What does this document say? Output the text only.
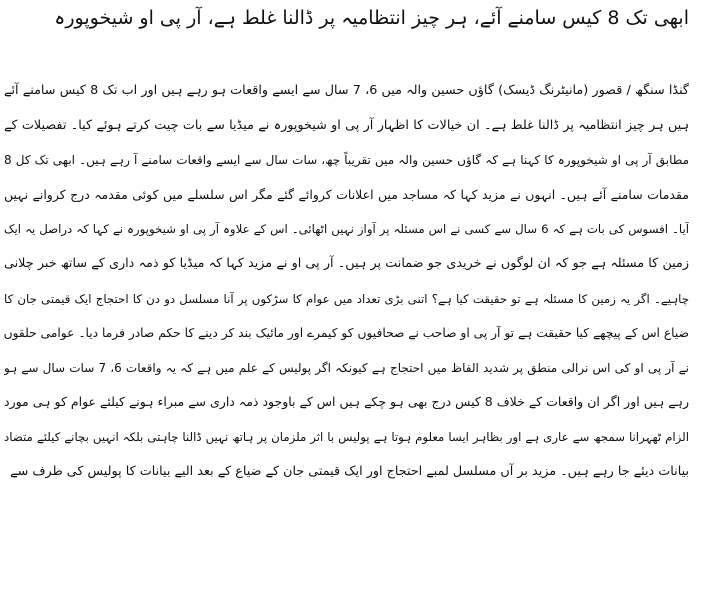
ابھی تک 8 کیس سامنے آئے، ہر چیز انتظامیہ پر ڈالنا غلط ہے، آر پی او شیخوپورہ
گنڈا سنگھ / قصور (مانیٹرنگ ڈیسک) گاؤں حسین والہ میں 6، 7 سال سے ایسے واقعات ہو رہے ہیں اور اب تک 8 کیس سامنے آئے
ہیں ہر چیز انتظامیہ پر ڈالنا غلط ہے۔ ان خیالات کا اظہار آر پی او شیخوپورہ نے میڈیا سے بات چیت کرتے ہوئے کیا۔ تفصیلات کے
مطابق آر پی او شیخوپورہ کا کہنا ہے کہ گاؤں حسین والہ میں تقریباً چھ، سات سال سے ایسے واقعات سامنے آ رہے ہیں۔ ابھی تک کل 8
مقدمات سامنے آئے ہیں۔ انہوں نے مزید کہا کہ مساجد میں اعلانات کروائے گئے مگر اس سلسلے میں کوئی مقدمہ درج کروانے نہیں
آیا۔ افسوس کی بات ہے کہ 6 سال سے کسی نے اس مسئلہ پر آواز نہیں اٹھائی۔ اس کے علاوہ آر پی او شیخوپورہ نے کہا کہ دراصل یہ ایک
زمین کا مسئلہ ہے جو کہ ان لوگوں نے خریدی جو ضمانت پر ہیں۔ آر پی او نے مزید کہا کہ میڈیا کو ذمہ داری کے ساتھ خبر چلانی
چاہیے۔ اگر یہ زمین کا مسئلہ ہے تو حقیقت کیا ہے؟ اتنی بڑی تعداد میں عوام کا سڑکوں پر آنا مسلسل دو دن کا احتجاج ایک قیمتی جان کا
ضیاع اس کے پیچھے کیا حقیقت ہے تو آر پی او صاحب نے صحافیوں کو کیمرے اور مائیک بند کر دینے کا حکم صادر فرما دیا۔ عوامی حلقوں
نے آر پی او کی اس نرالی منطق پر شدید الفاظ میں احتجاج ہے کیونکہ اگر پولیس کے علم میں ہے کہ یہ واقعات 6، 7 سات سال سے ہو
رہے ہیں اور اگر ان واقعات کے خلاف 8 کیس درج بھی ہو چکے ہیں اس کے باوجود ذمہ داری سے مبراء ہونے کیلئے عوام کو ہی مورد
الزام ٹھہرانا سمجھ سے عاری ہے اور بظاہر ایسا معلوم ہوتا ہے پولیس با اثر ملزمان پر ہاتھ نہیں ڈالنا چاہتی بلکہ انہیں بچانے کیلئے متضاد
بیانات دیئے جا رہے ہیں۔ مزید بر آں مسلسل لمبے احتجاج اور ایک قیمتی جان کے ضیاع کے بعد الیے بیانات کا پولیس کی طرف سے
